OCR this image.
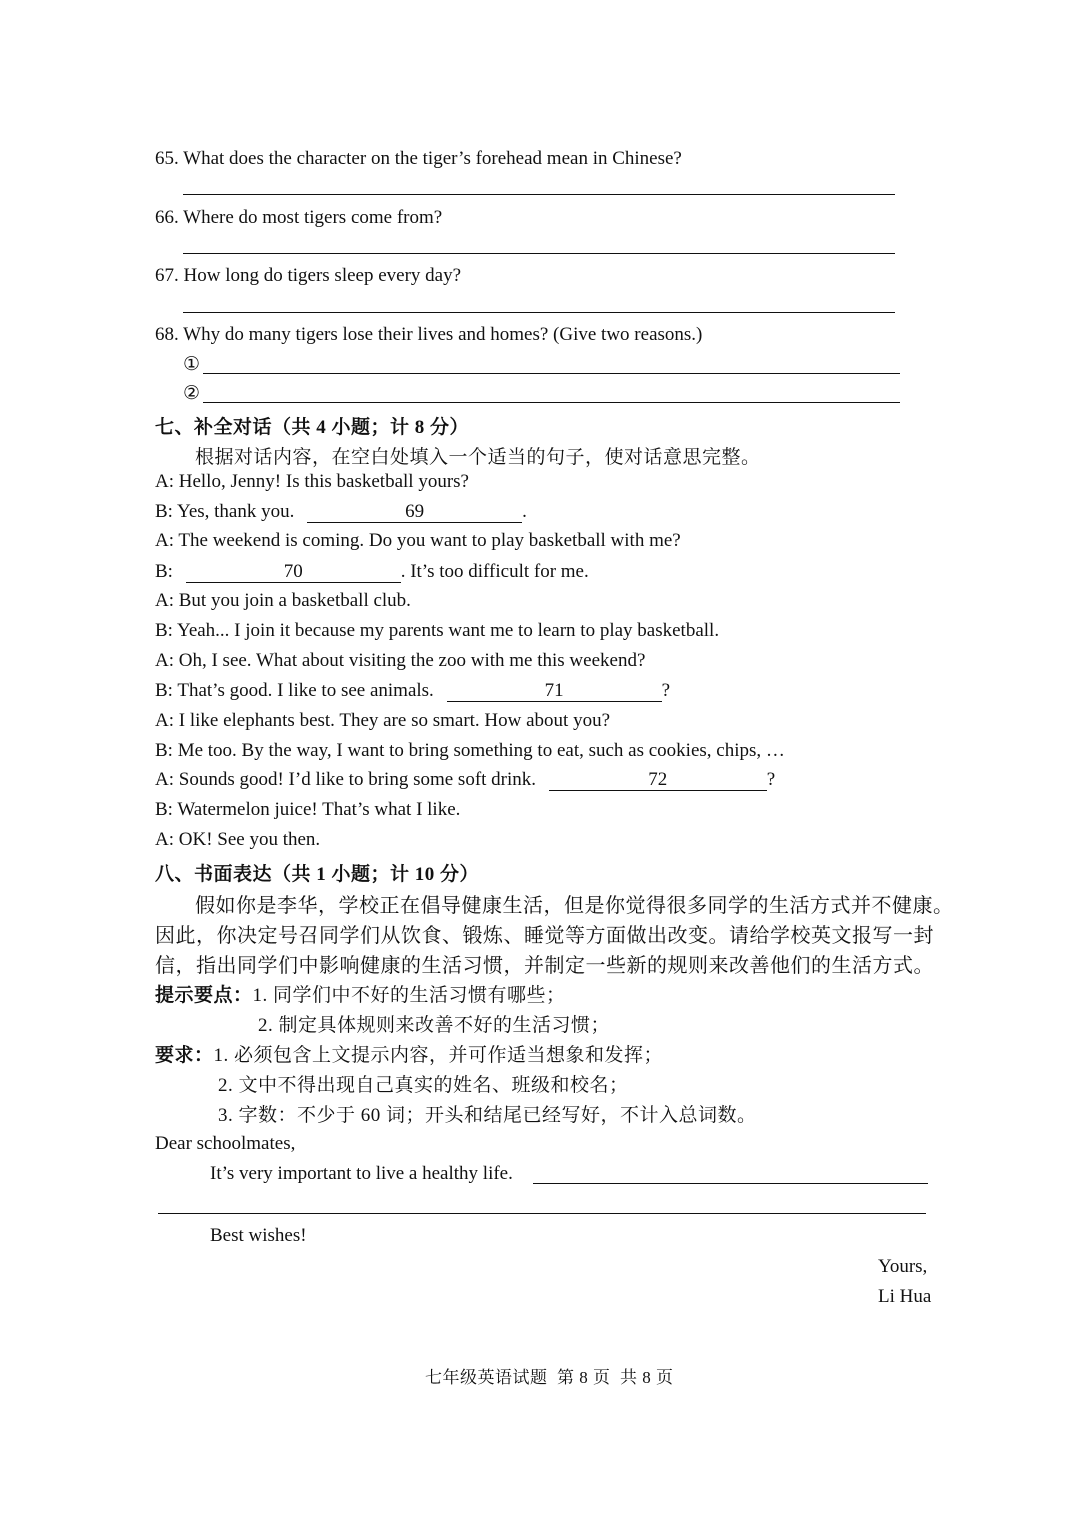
65. What does the character on the tiger’s forehead mean in Chinese?
66. Where do most tigers come from?
67. How long do tigers sleep every day?
68. Why do many tigers lose their lives and homes? (Give two reasons.)
①
②
七、补全对话（共 4 小题；计 8 分）
根据对话内容，在空白处填入一个适当的句子，使对话意思完整。
A: Hello, Jenny! Is this basketball yours?
B: Yes, thank you.	69	.
A: The weekend is coming. Do you want to play basketball with me?
B:	70	. It’s too difficult for me.
A: But you join a basketball club.
B: Yeah... I join it because my parents want me to learn to play basketball.
A: Oh, I see. What about visiting the zoo with me this weekend?
B: That’s good. I like to see animals.	71	?
A: I like elephants best. They are so smart. How about you?
B: Me too. By the way, I want to bring something to eat, such as cookies, chips, …
A: Sounds good! I’d like to bring some soft drink.	72	?
B: Watermelon juice! That’s what I like.
A: OK! See you then.
八、书面表达（共 1 小题；计 10 分）
假如你是李华，学校正在倡导健康生活，但是你觉得很多同学的生活方式并不健康。
因此，你决定号召同学们从饮食、锻炼、睡觉等方面做出改变。请给学校英文报写一封
信，指出同学们中影响健康的生活习惯，并制定一些新的规则来改善他们的生活方式。
提示要点：1. 同学们中不好的生活习惯有哪些；
2. 制定具体规则来改善不好的生活习惯；
要求：1. 必须包含上文提示内容，并可作适当想象和发挥；
2. 文中不得出现自己真实的姓名、班级和校名；
3. 字数：不少于 60 词；开头和结尾已经写好，不计入总词数。
Dear schoolmates,
It’s very important to live a healthy life.
Best wishes!
Yours,
Li Hua
七年级英语试题  第 8 页  共 8 页
